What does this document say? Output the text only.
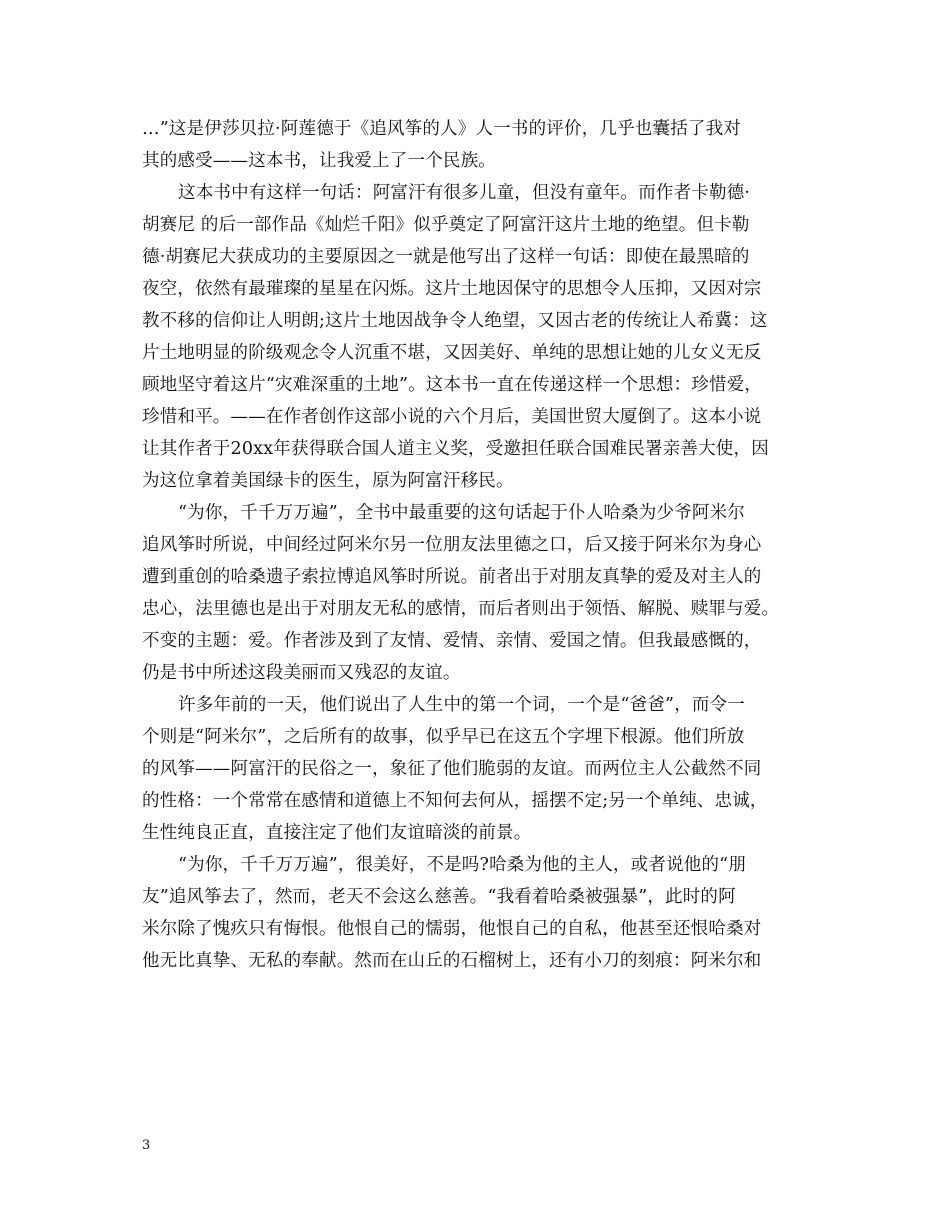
…”这是伊莎贝拉·阿莲德于《追风筝的人》人一书的评价，几乎也囊括了我对
其的感受——这本书，让我爱上了一个民族。
这本书中有这样一句话：阿富汗有很多儿童，但没有童年。而作者卡勒德·
胡赛尼 的后一部作品《灿烂千阳》似乎奠定了阿富汗这片土地的绝望。但卡勒
德·胡赛尼大获成功的主要原因之一就是他写出了这样一句话：即使在最黑暗的
夜空，依然有最璀璨的星星在闪烁。这片土地因保守的思想令人压抑，又因对宗
教不移的信仰让人明朗;这片土地因战争令人绝望，又因古老的传统让人希冀：这
片土地明显的阶级观念令人沉重不堪，又因美好、单纯的思想让她的儿女义无反
顾地坚守着这片“灾难深重的土地”。这本书一直在传递这样一个思想：珍惜爱，
珍惜和平。——在作者创作这部小说的六个月后，美国世贸大厦倒了。这本小说
让其作者于20xx年获得联合国人道主义奖，受邀担任联合国难民署亲善大使，因
为这位拿着美国绿卡的医生，原为阿富汗移民。
“为你，千千万万遍”，全书中最重要的这句话起于仆人哈桑为少爷阿米尔
追风筝时所说，中间经过阿米尔另一位朋友法里德之口，后又接于阿米尔为身心
遭到重创的哈桑遗子索拉博追风筝时所说。前者出于对朋友真挚的爱及对主人的
忠心，法里德也是出于对朋友无私的感情，而后者则出于领悟、解脱、赎罪与爱。
不变的主题：爱。作者涉及到了友情、爱情、亲情、爱国之情。但我最感慨的，
仍是书中所述这段美丽而又残忍的友谊。
许多年前的一天，他们说出了人生中的第一个词，一个是“爸爸”，而令一
个则是“阿米尔”，之后所有的故事，似乎早已在这五个字埋下根源。他们所放
的风筝——阿富汗的民俗之一，象征了他们脆弱的友谊。而两位主人公截然不同
的性格：一个常常在感情和道德上不知何去何从，摇摆不定;另一个单纯、忠诚，
生性纯良正直，直接注定了他们友谊暗淡的前景。
“为你，千千万万遍”，很美好，不是吗?哈桑为他的主人，或者说他的“朋
友”追风筝去了，然而，老天不会这么慈善。“我看着哈桑被强暴”，此时的阿
米尔除了愧疚只有悔恨。他恨自己的懦弱，他恨自己的自私，他甚至还恨哈桑对
他无比真挚、无私的奉献。然而在山丘的石榴树上，还有小刀的刻痕：阿米尔和
3
